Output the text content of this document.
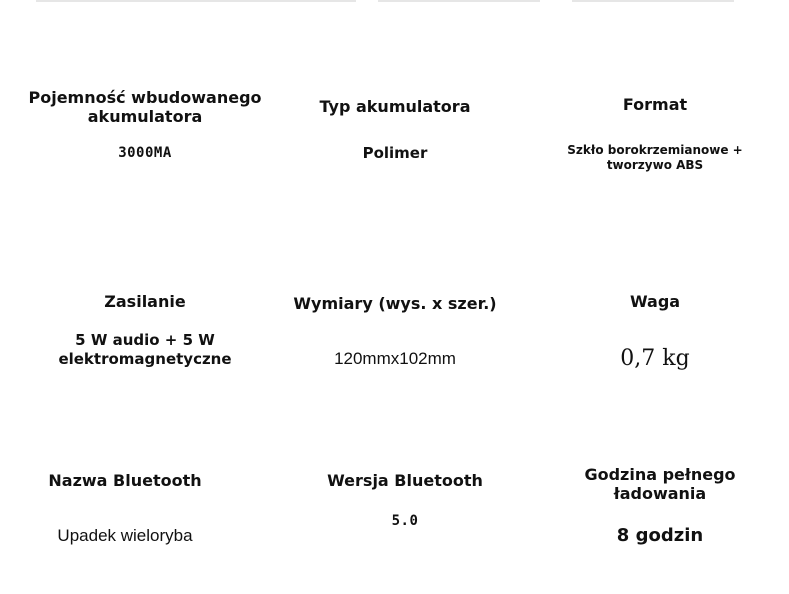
Pojemność wbudowanego akumulatora
3000MA
Typ akumulatora
Polimer
Format
Szkło borokrzemianowe + tworzywo ABS
Zasilanie
5 W audio + 5 W elektromagnetyczne
Wymiary (wys. x szer.)
120mmx102mm
Waga
0,7 kg
Nazwa Bluetooth
Upadek wieloryba
Wersja Bluetooth
5.0
Godzina pełnego ładowania
8 godzin
